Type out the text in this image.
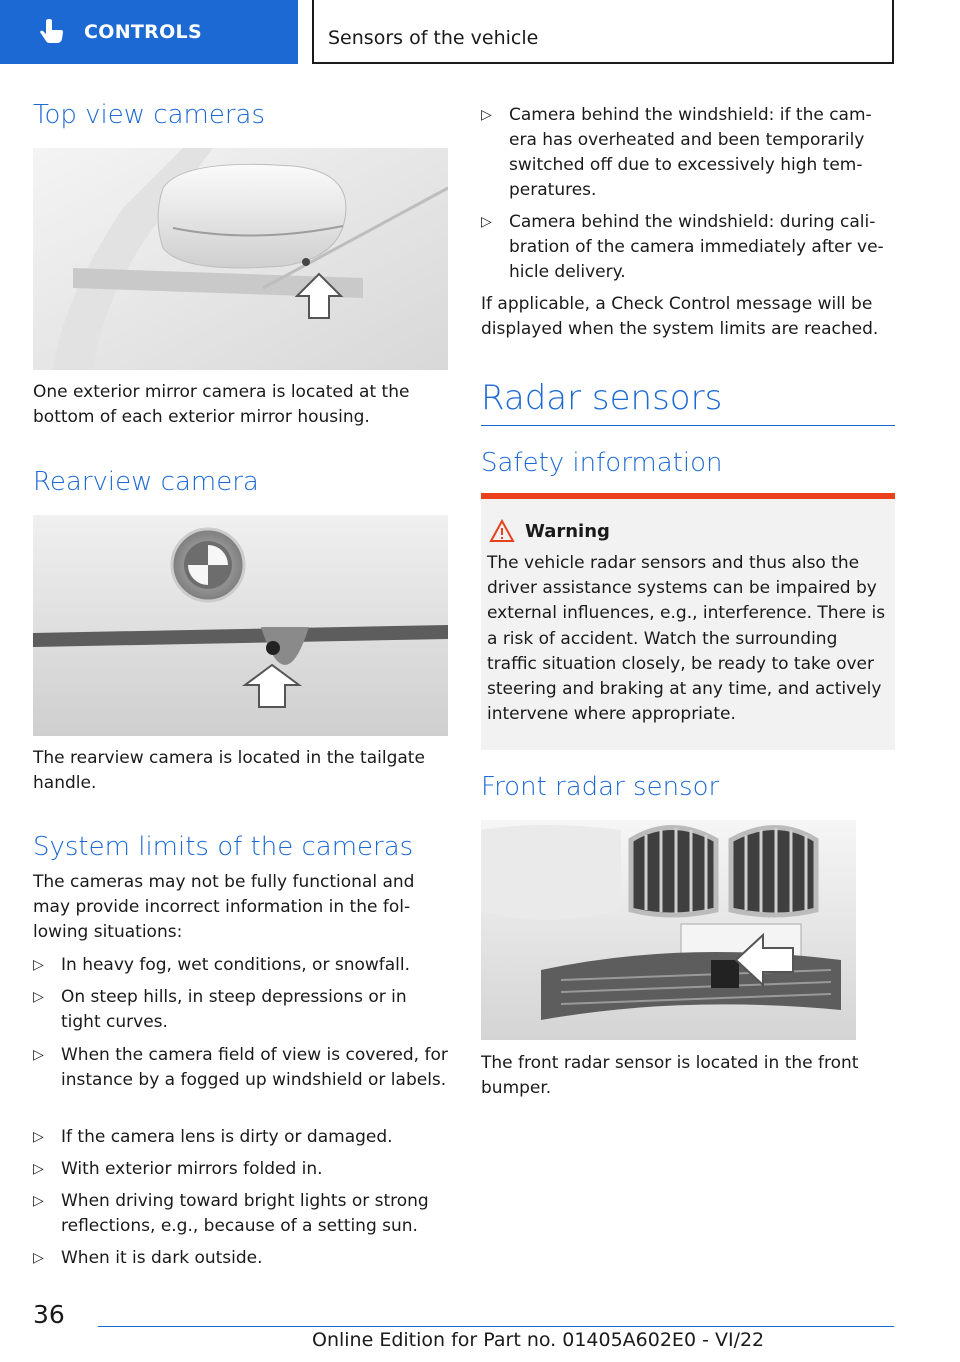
CONTROLS	Sensors of the vehicle
Top view cameras

One exterior mirror camera is located at the bottom of each exterior mirror housing.

Rearview camera

The rearview camera is located in the tailgate handle.

System limits of the cameras

The cameras may not be fully functional and may provide incorrect information in the fol‐lowing situations:

▷ In heavy fog, wet conditions, or snowfall.
▷ On steep hills, in steep depressions or in tight curves.
▷ When the camera field of view is covered, for instance by a fogged up windshield or labels.
▷ If the camera lens is dirty or damaged.
▷ With exterior mirrors folded in.
▷ When driving toward bright lights or strong reflections, e.g., because of a setting sun.
▷ When it is dark outside.
▷ Camera behind the windshield: if the cam‐era has overheated and been temporarily switched off due to excessively high tem‐peratures.
▷ Camera behind the windshield: during cali‐bration of the camera immediately after ve‐hicle delivery.

If applicable, a Check Control message will be displayed when the system limits are reached.

Radar sensors
Safety information
Warning
The vehicle radar sensors and thus also the driver assistance systems can be impaired by external influences, e.g., interference. There is a risk of accident. Watch the surrounding traffic situation closely, be ready to take over steering and braking at any time, and actively intervene where appropriate.
Front radar sensor

The front radar sensor is located in the front bumper.

36
Online Edition for Part no. 01405A602E0 - VI/22
